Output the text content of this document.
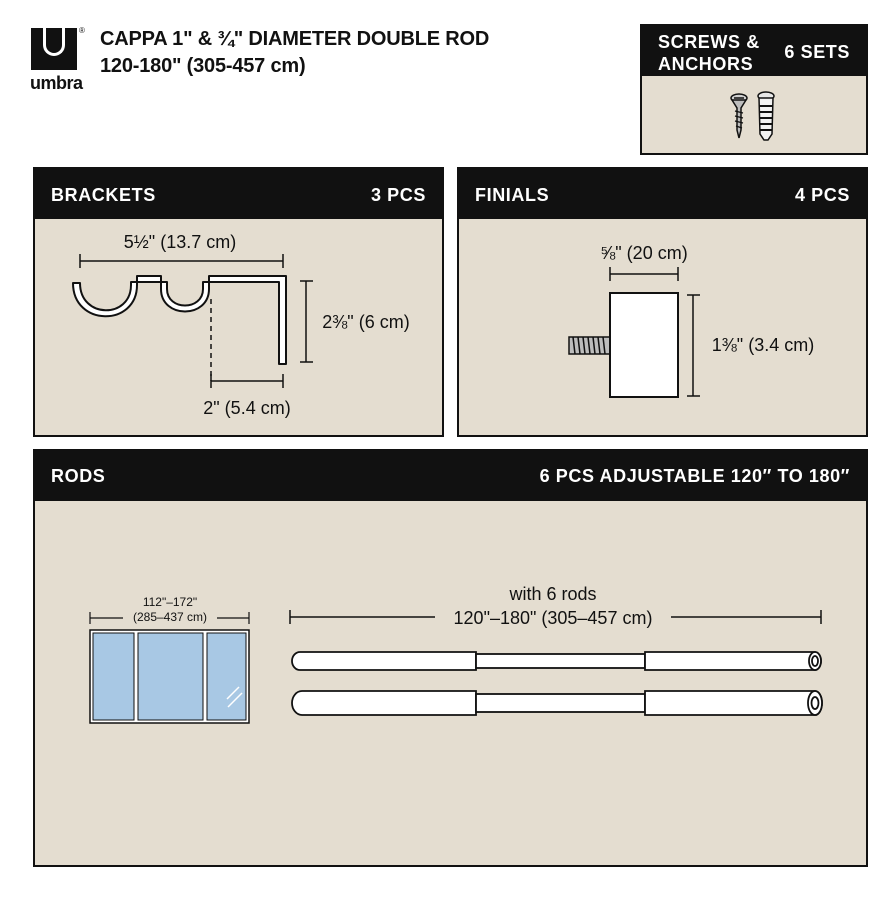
®
umbra
CAPPA 1" & ¾" DIAMETER DOUBLE ROD
120-180" (305-457 cm)
SCREWS &
ANCHORS
6 SETS
BRACKETS	3 PCS
5½" (13.7 cm)
2⅜" (6 cm)
2" (5.4 cm)
FINIALS	4 PCS
⅝" (20 cm)
1⅜" (3.4 cm)
RODS	6 PCS ADJUSTABLE 120″ TO 180″
112"–172"
(285–437 cm)
with 6 rods
120"–180" (305–457 cm)
